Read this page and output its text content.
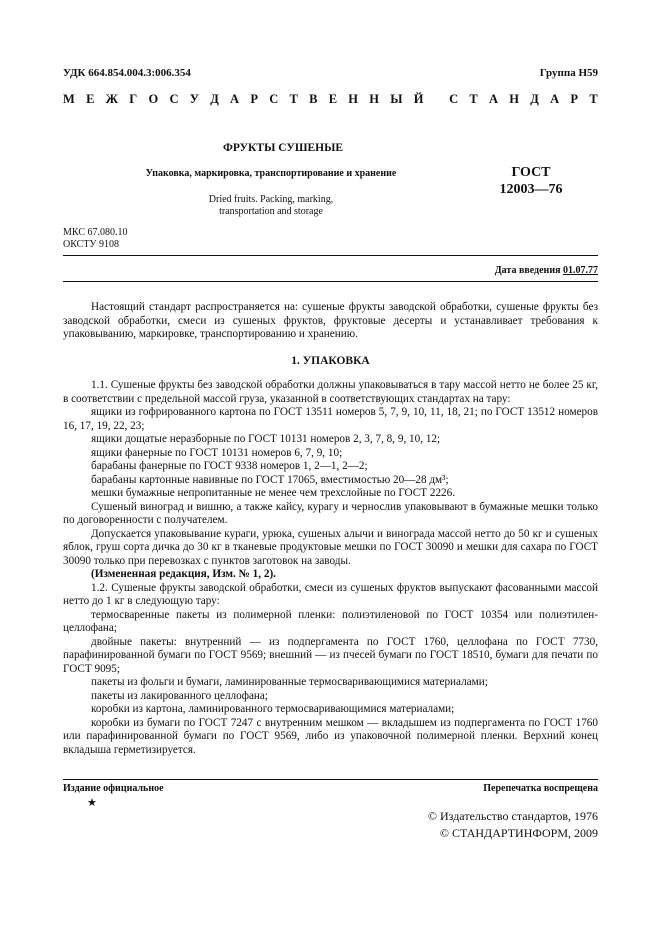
УДК 664.854.004.3:006.354	Группа Н59
М Е Ж Г О С У Д А Р С Т В Е Н Н Ы Й
С Т А Н Д А Р Т
ФРУКТЫ СУШЕНЫЕ
Упаковка, маркировка, транспортирование и хранение
Dried fruits. Packing, marking,
transportation and storage
ГОСТ
12003—76
МКС 67.080.10
ОКСТУ 9108
Дата введения 01.07.77

Настоящий стандарт распространяется на: сушеные фрукты заводской обработки, сушеные фрукты без заводской обработки, смеси из сушеных фруктов, фруктовые десерты и устанавливает требования к упаковыванию, маркировке, транспортированию и хранению.

1. УПАКОВКА

1.1. Сушеные фрукты без заводской обработки должны упаковываться в тару массой нетто не более 25 кг, в соответствии с предельной массой груза, указанной в соответствующих стандартах на тару:

ящики из гофрированного картона по ГОСТ 13511 номеров 5, 7, 9, 10, 11, 18, 21; по ГОСТ 13512 номеров 16, 17, 19, 22, 23;

ящики дощатые неразборные по ГОСТ 10131 номеров 2, 3, 7, 8, 9, 10, 12;

ящики фанерные по ГОСТ 10131 номеров 6, 7, 9, 10;

барабаны фанерные по ГОСТ 9338 номеров 1, 2—1, 2—2;

барабаны картонные навивные по ГОСТ 17065, вместимостью 20—28 дм³;

мешки бумажные непропитанные не менее чем трехслойные по ГОСТ 2226.

Сушеный виноград и вишню, а также кайсу, курагу и чернослив упаковывают в бумажные мешки только по договоренности с получателем.

Допускается упаковывание кураги, урюка, сушеных алычи и винограда массой нетто до 50 кг и сушеных яблок, груш сорта дичка до 30 кг в тканевые продуктовые мешки по ГОСТ 30090 и мешки для сахара по ГОСТ 30090 только при перевозках с пунктов заготовок на заводы.

(Измененная редакция, Изм. № 1, 2).

1.2. Сушеные фрукты заводской обработки, смеси из сушеных фруктов выпускают фасованными массой нетто до 1 кг в следующую тару:

термосваренные пакеты из полимерной пленки: полиэтиленовой по ГОСТ 10354 или полиэтилен-целлофана;

двойные пакеты: внутренний — из подпергамента по ГОСТ 1760, целлофана по ГОСТ 7730, парафинированной бумаги по ГОСТ 9569; внешний — из пчеcей бумаги по ГОСТ 18510, бумаги для печати по ГОСТ 9095;

пакеты из фольги и бумаги, ламинированные термосваривающимися материалами;

пакеты из лакированного целлофана;

коробки из картона, ламинированного термосваривающимися материалами;

коробки из бумаги по ГОСТ 7247 с внутренним мешком — вкладышем из подпергамента по ГОСТ 1760 или парафинированной бумаги по ГОСТ 9569, либо из упаковочной полимерной пленки. Верхний конец вкладыша герметизируется.

Издание официальное
★
Перепечатка воспрещена
© Издательство стандартов, 1976
© СТАНДАРТИНФОРМ, 2009
